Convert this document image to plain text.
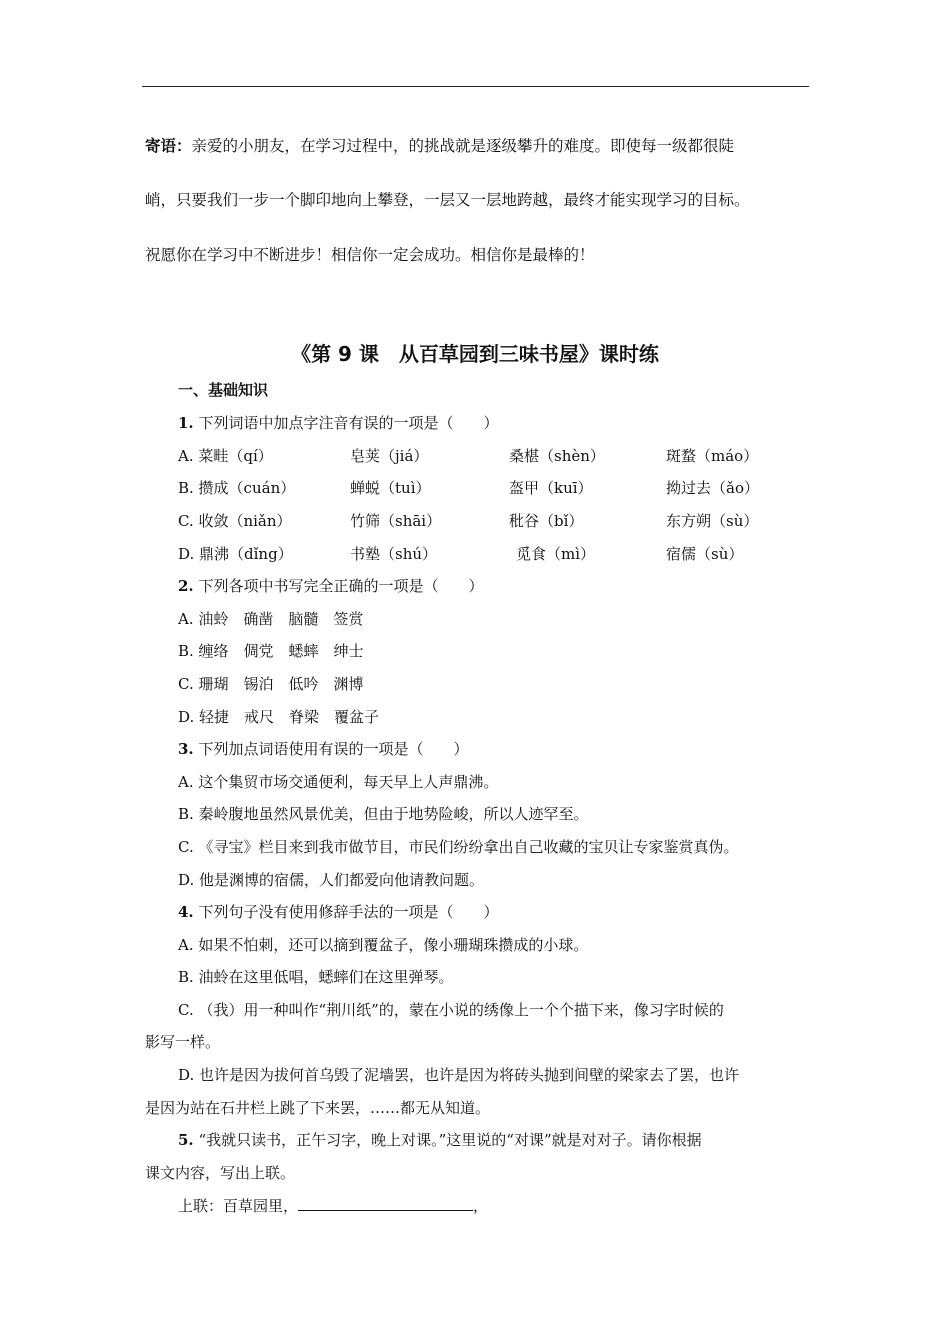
寄语：亲爱的小朋友，在学习过程中，的挑战就是逐级攀升的难度。即使每一级都很陡
峭，只要我们一步一个脚印地向上攀登，一层又一层地跨越，最终才能实现学习的目标。
祝愿你在学习中不断进步！相信你一定会成功。相信你是最棒的！
《第 9 课　从百草园到三味书屋》课时练
一、基础知识
1. 下列词语中加点字注音有误的一项是（　　）
A. 菜畦（qí）	皂荚（jiá）	桑椹（shèn）	斑蝥（máo）
B. 攒成（cuán）	蝉蜕（tuì）	盔甲（kuī）	拗过去（ǎo）
C. 收敛（niǎn）	竹筛（shāi）	秕谷（bǐ）	东方朔（sù）
D. 鼎沸（dǐng）	书塾（shú）	觅食（mì）	宿儒（sù）
2. 下列各项中书写完全正确的一项是（　　）
A. 油蛉　确凿　脑髓　签赏
B. 缠络　倜党　蟋蟀　绅士
C. 珊瑚　锡泊　低吟　渊博
D. 轻捷　戒尺　脊梁　覆盆子
3. 下列加点词语使用有误的一项是（　　）
A. 这个集贸市场交通便利，每天早上人声鼎沸。
B. 秦岭腹地虽然风景优美，但由于地势险峻，所以人迹罕至。
C. 《寻宝》栏目来到我市做节目，市民们纷纷拿出自己收藏的宝贝让专家鉴赏真伪。
D. 他是渊博的宿儒，人们都爱向他请教问题。
4. 下列句子没有使用修辞手法的一项是（　　）
A. 如果不怕刺，还可以摘到覆盆子，像小珊瑚珠攒成的小球。
B. 油蛉在这里低唱，蟋蟀们在这里弹琴。
C. （我）用一种叫作“荆川纸”的，蒙在小说的绣像上一个个描下来，像习字时候的
影写一样。
D. 也许是因为拔何首乌毁了泥墙罢，也许是因为将砖头抛到间壁的梁家去了罢，也许
是因为站在石井栏上跳了下来罢，……都无从知道。
5. “我就只读书，正午习字，晚上对课。”这里说的“对课”就是对对子。请你根据
课文内容，写出上联。
上联：百草园里，	，
